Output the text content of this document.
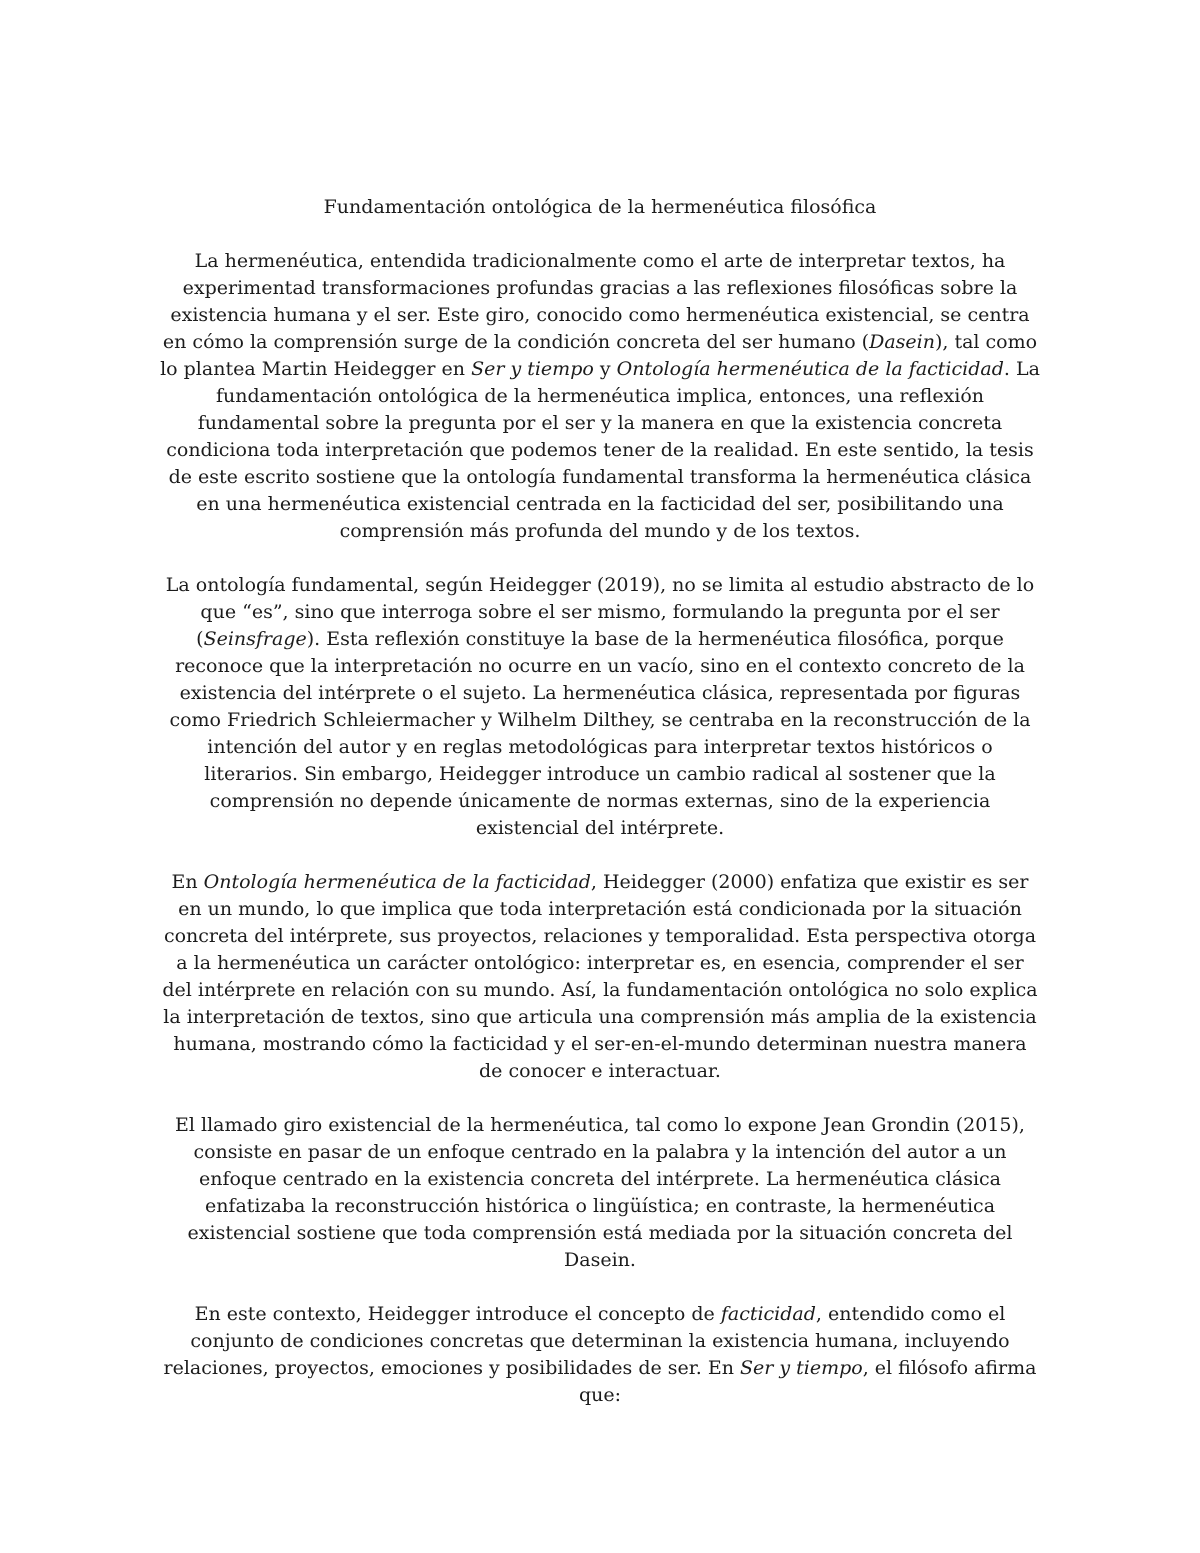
Fundamentación ontológica de la hermenéutica filosófica

La hermenéutica, entendida tradicionalmente como el arte de interpretar textos, ha experimentad transformaciones profundas gracias a las reflexiones filosóficas sobre la existencia humana y el ser. Este giro, conocido como hermenéutica existencial, se centra en cómo la comprensión surge de la condición concreta del ser humano (Dasein), tal como lo plantea Martin Heidegger en Ser y tiempo y Ontología hermenéutica de la facticidad. La fundamentación ontológica de la hermenéutica implica, entonces, una reflexión fundamental sobre la pregunta por el ser y la manera en que la existencia concreta condiciona toda interpretación que podemos tener de la realidad. En este sentido, la tesis de este escrito sostiene que la ontología fundamental transforma la hermenéutica clásica en una hermenéutica existencial centrada en la facticidad del ser, posibilitando una comprensión más profunda del mundo y de los textos.

La ontología fundamental, según Heidegger (2019), no se limita al estudio abstracto de lo que “es”, sino que interroga sobre el ser mismo, formulando la pregunta por el ser (Seinsfrage). Esta reflexión constituye la base de la hermenéutica filosófica, porque reconoce que la interpretación no ocurre en un vacío, sino en el contexto concreto de la existencia del intérprete o el sujeto. La hermenéutica clásica, representada por figuras como Friedrich Schleiermacher y Wilhelm Dilthey, se centraba en la reconstrucción de la intención del autor y en reglas metodológicas para interpretar textos históricos o literarios. Sin embargo, Heidegger introduce un cambio radical al sostener que la comprensión no depende únicamente de normas externas, sino de la experiencia existencial del intérprete.

En Ontología hermenéutica de la facticidad, Heidegger (2000) enfatiza que existir es ser en un mundo, lo que implica que toda interpretación está condicionada por la situación concreta del intérprete, sus proyectos, relaciones y temporalidad. Esta perspectiva otorga a la hermenéutica un carácter ontológico: interpretar es, en esencia, comprender el ser del intérprete en relación con su mundo. Así, la fundamentación ontológica no solo explica la interpretación de textos, sino que articula una comprensión más amplia de la existencia humana, mostrando cómo la facticidad y el ser-en-el-mundo determinan nuestra manera de conocer e interactuar.

El llamado giro existencial de la hermenéutica, tal como lo expone Jean Grondin (2015), consiste en pasar de un enfoque centrado en la palabra y la intención del autor a un enfoque centrado en la existencia concreta del intérprete. La hermenéutica clásica enfatizaba la reconstrucción histórica o lingüística; en contraste, la hermenéutica existencial sostiene que toda comprensión está mediada por la situación concreta del Dasein.

En este contexto, Heidegger introduce el concepto de facticidad, entendido como el conjunto de condiciones concretas que determinan la existencia humana, incluyendo relaciones, proyectos, emociones y posibilidades de ser. En Ser y tiempo, el filósofo afirma que:
